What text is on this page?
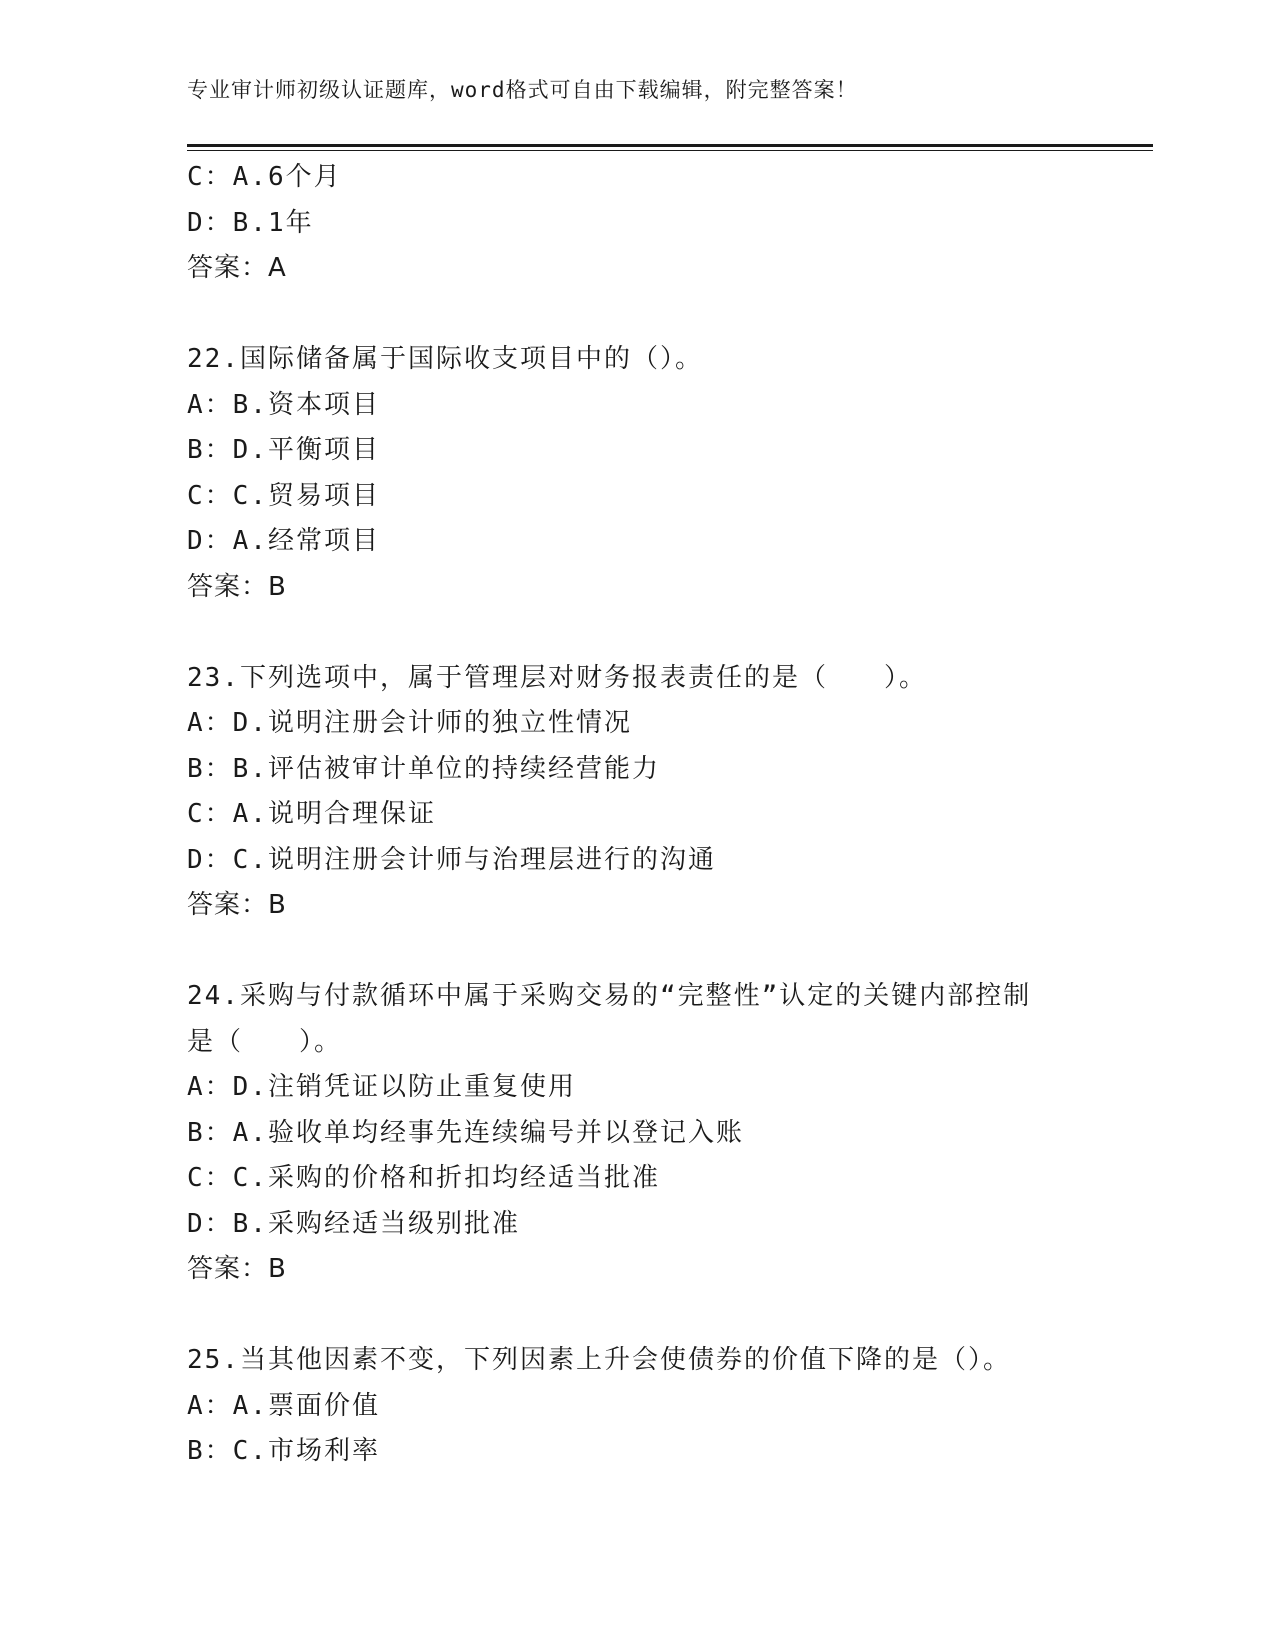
专业审计师初级认证题库，word格式可自由下载编辑，附完整答案！
C：A.6个月
D：B.1年
答案：A
22.国际储备属于国际收支项目中的（）。
A：B.资本项目
B：D.平衡项目
C：C.贸易项目
D：A.经常项目
答案：B
23.下列选项中，属于管理层对财务报表责任的是（　　）。
A：D.说明注册会计师的独立性情况
B：B.评估被审计单位的持续经营能力
C：A.说明合理保证
D：C.说明注册会计师与治理层进行的沟通
答案：B
24.采购与付款循环中属于采购交易的“完整性”认定的关键内部控制
是（　　）。
A：D.注销凭证以防止重复使用
B：A.验收单均经事先连续编号并以登记入账
C：C.采购的价格和折扣均经适当批准
D：B.采购经适当级别批准
答案：B
25.当其他因素不变，下列因素上升会使债券的价值下降的是（）。
A：A.票面价值
B：C.市场利率
